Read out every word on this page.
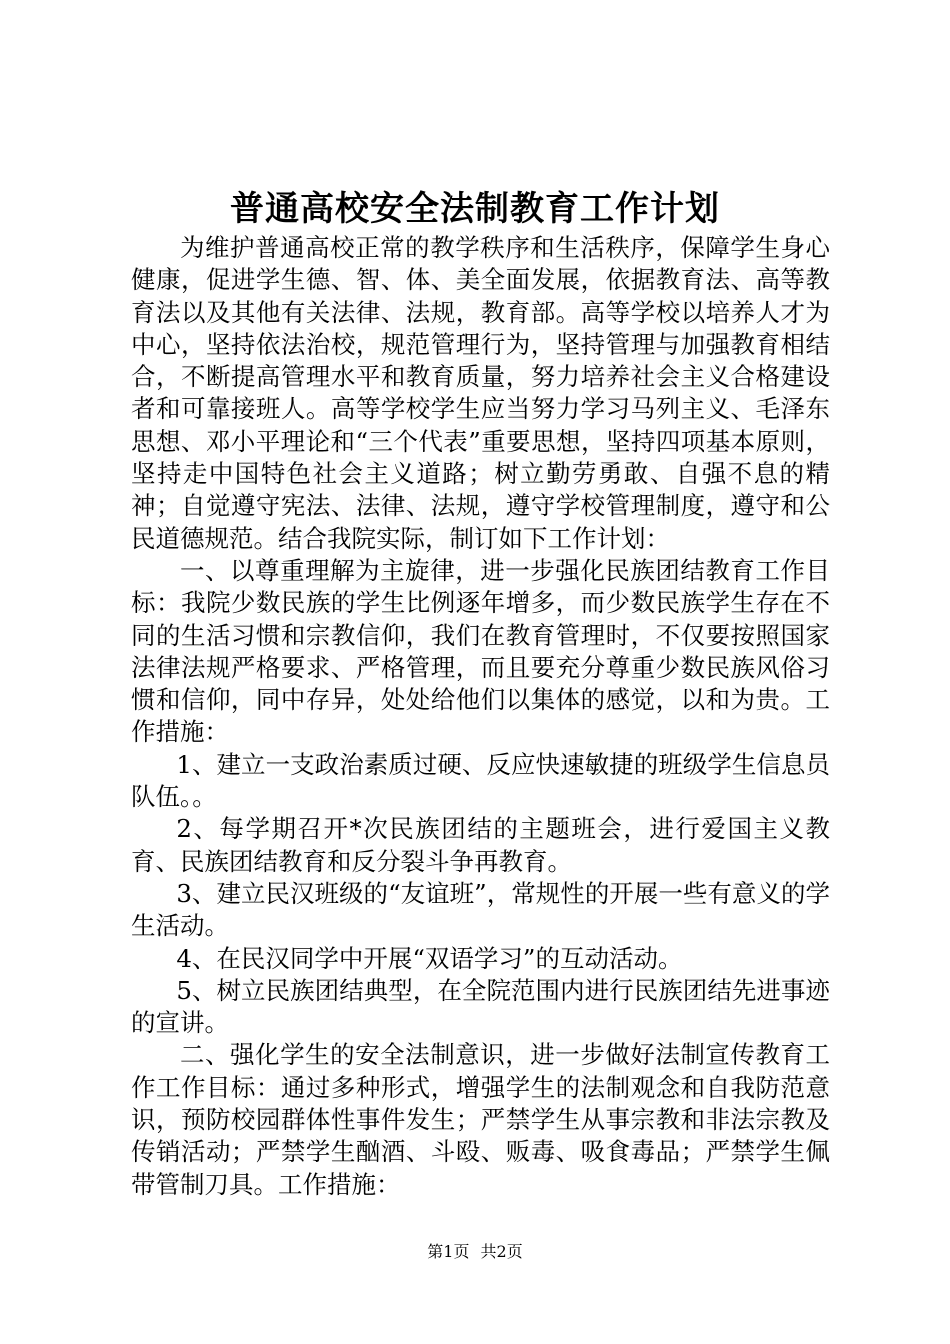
普通高校安全法制教育工作计划

为维护普通高校正常的教学秩序和生活秩序，保障学生身心健康，促进学生德、智、体、美全面发展，依据教育法、高等教育法以及其他有关法律、法规，教育部。高等学校以培养人才为中心，坚持依法治校，规范管理行为，坚持管理与加强教育相结合，不断提高管理水平和教育质量，努力培养社会主义合格建设者和可靠接班人。高等学校学生应当努力学习马列主义、毛泽东思想、邓小平理论和“三个代表”重要思想，坚持四项基本原则，坚持走中国特色社会主义道路；树立勤劳勇敢、自强不息的精神；自觉遵守宪法、法律、法规，遵守学校管理制度，遵守和公民道德规范。结合我院实际，制订如下工作计划：

一、以尊重理解为主旋律，进一步强化民族团结教育工作目标：我院少数民族的学生比例逐年增多，而少数民族学生存在不同的生活习惯和宗教信仰，我们在教育管理时，不仅要按照国家法律法规严格要求、严格管理，而且要充分尊重少数民族风俗习惯和信仰，同中存异，处处给他们以集体的感觉，以和为贵。工作措施：

1、建立一支政治素质过硬、反应快速敏捷的班级学生信息员队伍。。

2、每学期召开*次民族团结的主题班会，进行爱国主义教育、民族团结教育和反分裂斗争再教育。

3、建立民汉班级的“友谊班”，常规性的开展一些有意义的学生活动。

4、在民汉同学中开展“双语学习”的互动活动。

5、树立民族团结典型，在全院范围内进行民族团结先进事迹的宣讲。

二、强化学生的安全法制意识，进一步做好法制宣传教育工作工作目标：通过多种形式，增强学生的法制观念和自我防范意识，预防校园群体性事件发生；严禁学生从事宗教和非法宗教及传销活动；严禁学生酗酒、斗殴、贩毒、吸食毒品；严禁学生佩带管制刀具。工作措施：

第1页 共2页
